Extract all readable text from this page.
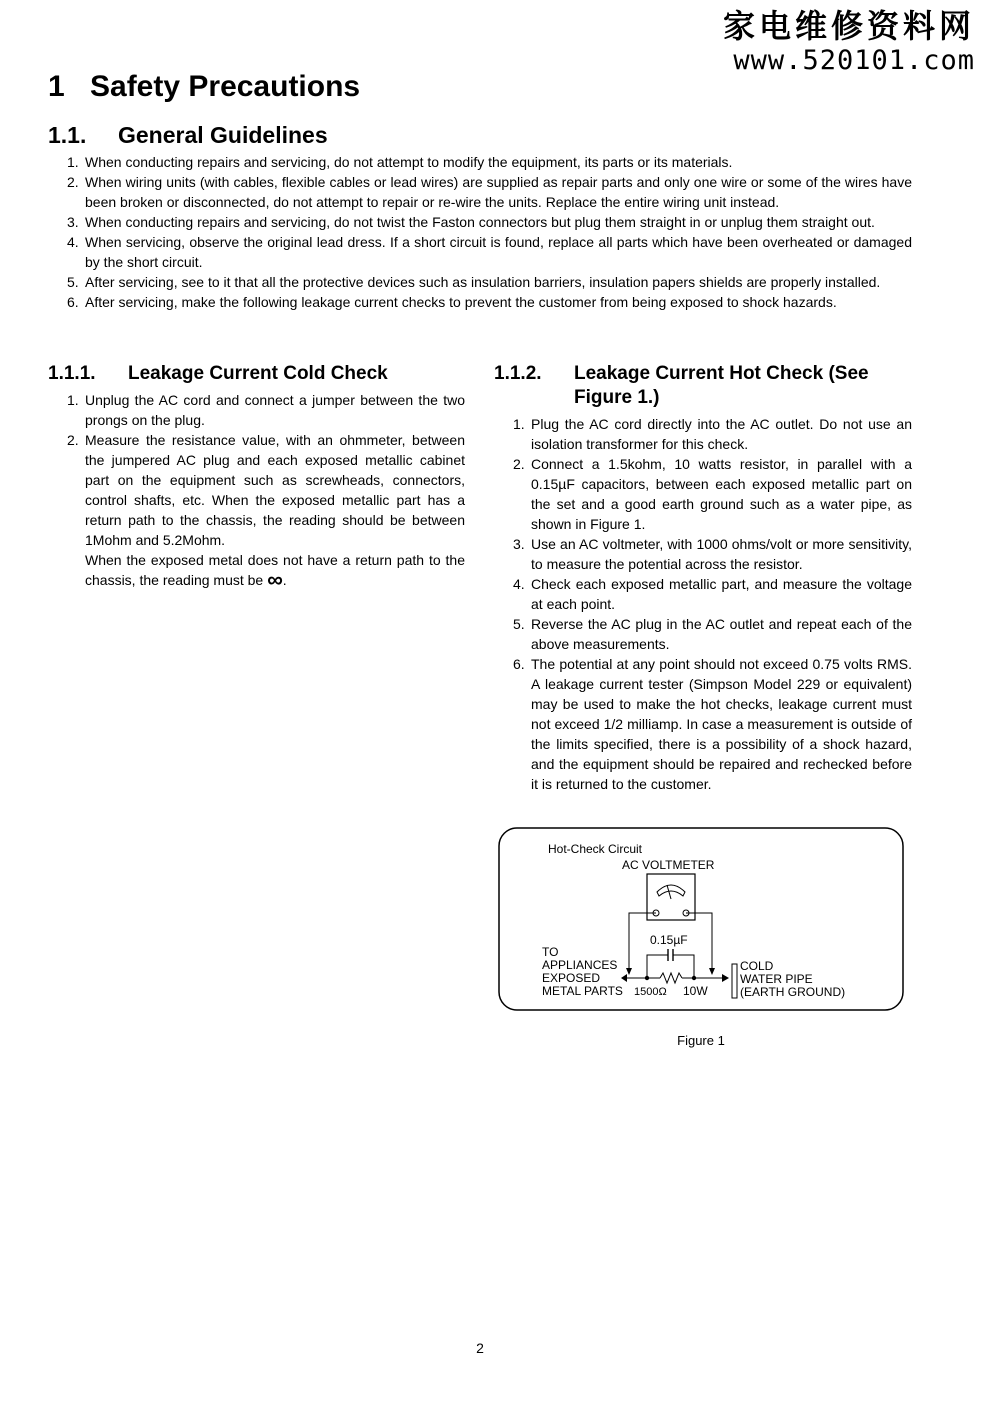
家电维修资料网
www.520101.com
1 Safety Precautions
1.1. General Guidelines
1. When conducting repairs and servicing, do not attempt to modify the equipment, its parts or its materials.
2. When wiring units (with cables, flexible cables or lead wires) are supplied as repair parts and only one wire or some of the wires have been broken or disconnected, do not attempt to repair or re-wire the units. Replace the entire wiring unit instead.
3. When conducting repairs and servicing, do not twist the Faston connectors but plug them straight in or unplug them straight out.
4. When servicing, observe the original lead dress. If a short circuit is found, replace all parts which have been overheated or damaged by the short circuit.
5. After servicing, see to it that all the protective devices such as insulation barriers, insulation papers shields are properly installed.
6. After servicing, make the following leakage current checks to prevent the customer from being exposed to shock hazards.
1.1.1. Leakage Current Cold Check
1. Unplug the AC cord and connect a jumper between the two prongs on the plug.
2. Measure the resistance value, with an ohmmeter, between the jumpered AC plug and each exposed metallic cabinet part on the equipment such as screwheads, connectors, control shafts, etc. When the exposed metallic part has a return path to the chassis, the reading should be between 1Mohm and 5.2Mohm.
When the exposed metal does not have a return path to the chassis, the reading must be ∞.
1.1.2.	Leakage Current Hot Check (See Figure 1.)
1. Plug the AC cord directly into the AC outlet. Do not use an isolation transformer for this check.
2. Connect a 1.5kohm, 10 watts resistor, in parallel with a 0.15µF capacitors, between each exposed metallic part on the set and a good earth ground such as a water pipe, as shown in Figure 1.
3. Use an AC voltmeter, with 1000 ohms/volt or more sensitivity, to measure the potential across the resistor.
4. Check each exposed metallic part, and measure the voltage at each point.
5. Reverse the AC plug in the AC outlet and repeat each of the above measurements.
6. The potential at any point should not exceed 0.75 volts RMS. A leakage current tester (Simpson Model 229 or equivalent) may be used to make the hot checks, leakage current must not exceed 1/2 milliamp. In case a measurement is outside of the limits specified, there is a possibility of a shock hazard, and the equipment should be repaired and rechecked before it is returned to the customer.
Hot-Check Circuit
AC VOLTMETER
0.15µF
TO
APPLIANCES
EXPOSED
METAL PARTS 1500Ω 10W
COLD
WATER PIPE
(EARTH GROUND)
Figure 1
2
